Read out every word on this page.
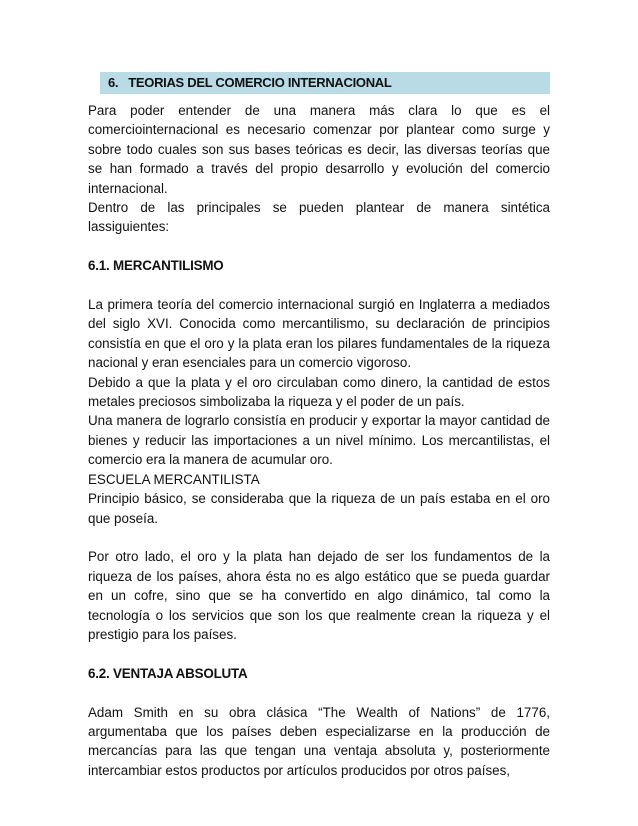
6. TEORIAS DEL COMERCIO INTERNACIONAL

Para poder entender de una manera más clara lo que es el comerciointernacional es necesario comenzar por plantear como surge y sobre todo cuales son sus bases teóricas es decir, las diversas teorías que se han formado a través del propio desarrollo y evolución del comercio internacional.

Dentro de las principales se pueden plantear de manera sintética lassiguientes:

6.1. MERCANTILISMO

La primera teoría del comercio internacional surgió en Inglaterra a mediados del siglo XVI. Conocida como mercantilismo, su declaración de principios consistía en que el oro y la plata eran los pilares fundamentales de la riqueza nacional y eran esenciales para un comercio vigoroso.

Debido a que la plata y el oro circulaban como dinero, la cantidad de estos metales preciosos simbolizaba la riqueza y el poder de un país.

Una manera de lograrlo consistía en producir y exportar la mayor cantidad de bienes y reducir las importaciones a un nivel mínimo. Los mercantilistas, el comercio era la manera de acumular oro.

ESCUELA MERCANTILISTA

Principio básico, se consideraba que la riqueza de un país estaba en el oro que poseía.

Por otro lado, el oro y la plata han dejado de ser los fundamentos de la riqueza de los países, ahora ésta no es algo estático que se pueda guardar en un cofre, sino que se ha convertido en algo dinámico, tal como la tecnología o los servicios que son los que realmente crean la riqueza y el prestigio para los países.

6.2. VENTAJA ABSOLUTA

Adam Smith en su obra clásica “The Wealth of Nations” de 1776, argumentaba que los países deben especializarse en la producción de mercancías para las que tengan una ventaja absoluta y, posteriormente intercambiar estos productos por artículos producidos por otros países,
